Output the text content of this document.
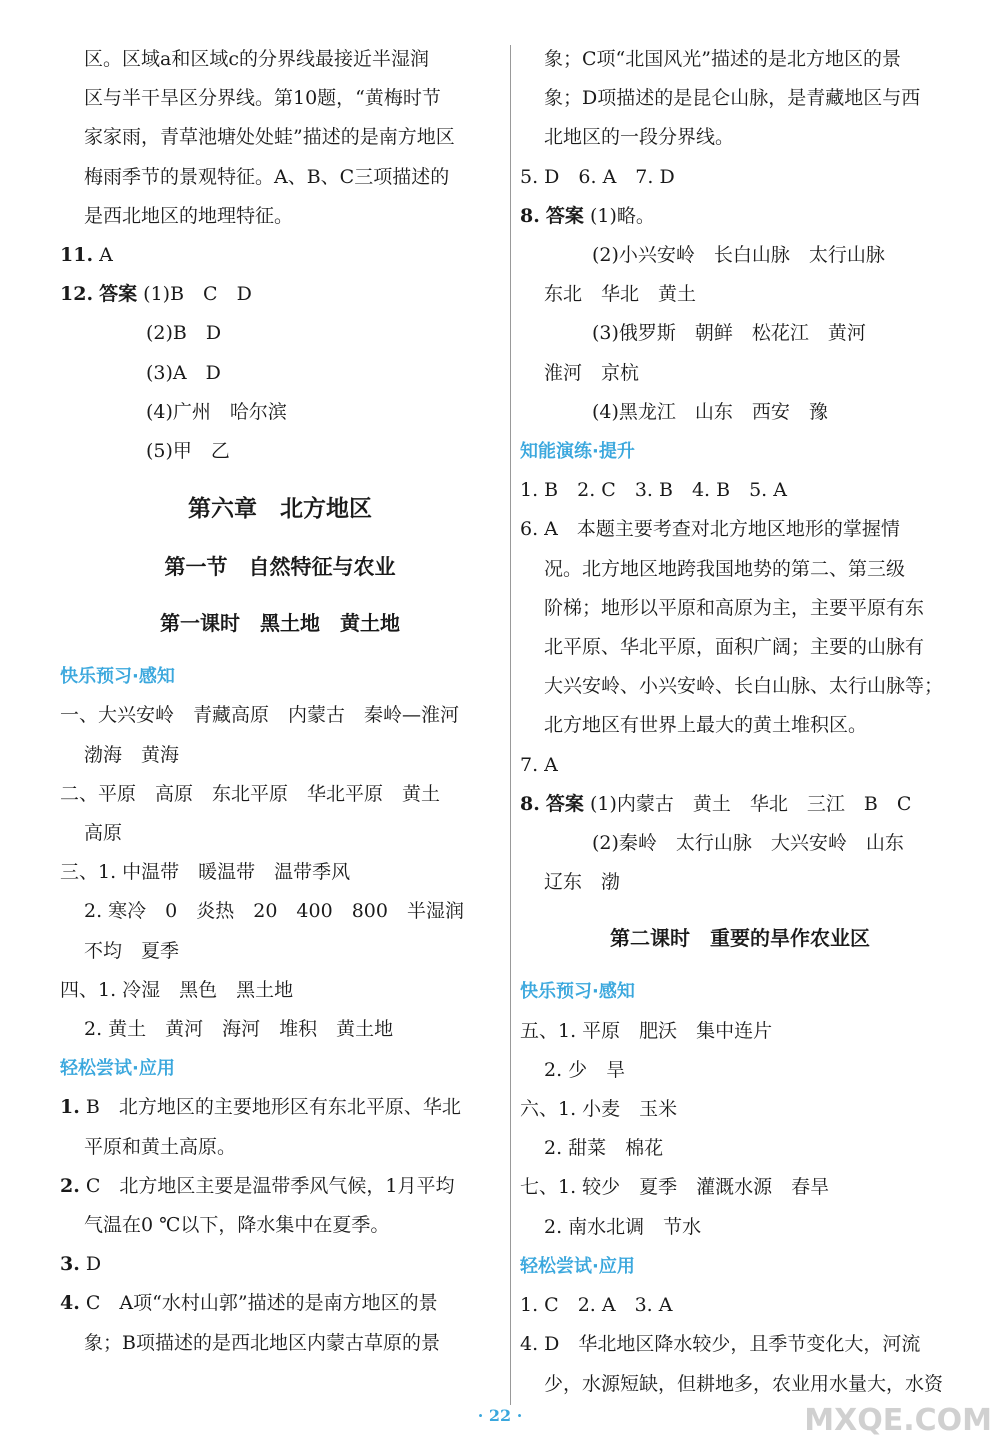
区。区域a和区域c的分界线最接近半湿润

区与半干旱区分界线。第10题，“黄梅时节

家家雨，青草池塘处处蛙”描述的是南方地区

梅雨季节的景观特征。A、B、C三项描述的

是西北地区的地理特征。

11. A

12. 答案 (1)B　C　D

(2)B　D

(3)A　D

(4)广州　哈尔滨

(5)甲　乙

第六章　北方地区
第一节　自然特征与农业
第一课时　黑土地　黄土地

快乐预习·感知

一、大兴安岭　青藏高原　内蒙古　秦岭—淮河

渤海　黄海

二、平原　高原　东北平原　华北平原　黄土

高原

三、1. 中温带　暖温带　温带季风

2. 寒冷　0　炎热　20　400　800　半湿润

不均　夏季

四、1. 冷湿　黑色　黑土地

2. 黄土　黄河　海河　堆积　黄土地

轻松尝试·应用

1. B　北方地区的主要地形区有东北平原、华北

平原和黄土高原。

2. C　北方地区主要是温带季风气候，1月平均

气温在0 ℃以下，降水集中在夏季。

3. D

4. C　A项“水村山郭”描述的是南方地区的景

象；B项描述的是西北地区内蒙古草原的景

象；C项“北国风光”描述的是北方地区的景

象；D项描述的是昆仑山脉，是青藏地区与西

北地区的一段分界线。

5. D　6. A　7. D

8. 答案 (1)略。

(2)小兴安岭　长白山脉　太行山脉

东北　华北　黄土

(3)俄罗斯　朝鲜　松花江　黄河

淮河　京杭

(4)黑龙江　山东　西安　豫

知能演练·提升

1. B　2. C　3. B　4. B　5. A

6. A　本题主要考查对北方地区地形的掌握情

况。北方地区地跨我国地势的第二、第三级

阶梯；地形以平原和高原为主，主要平原有东

北平原、华北平原，面积广阔；主要的山脉有

大兴安岭、小兴安岭、长白山脉、太行山脉等；

北方地区有世界上最大的黄土堆积区。

7. A

8. 答案 (1)内蒙古　黄土　华北　三江　B　C

(2)秦岭　太行山脉　大兴安岭　山东

辽东　渤

第二课时　重要的旱作农业区

快乐预习·感知

五、1. 平原　肥沃　集中连片

2. 少　旱

六、1. 小麦　玉米

2. 甜菜　棉花

七、1. 较少　夏季　灌溉水源　春旱

2. 南水北调　节水

轻松尝试·应用

1. C　2. A　3. A

4. D　华北地区降水较少，且季节变化大，河流

少，水源短缺，但耕地多，农业用水量大，水资

· 22 ·	MXQE.COM
